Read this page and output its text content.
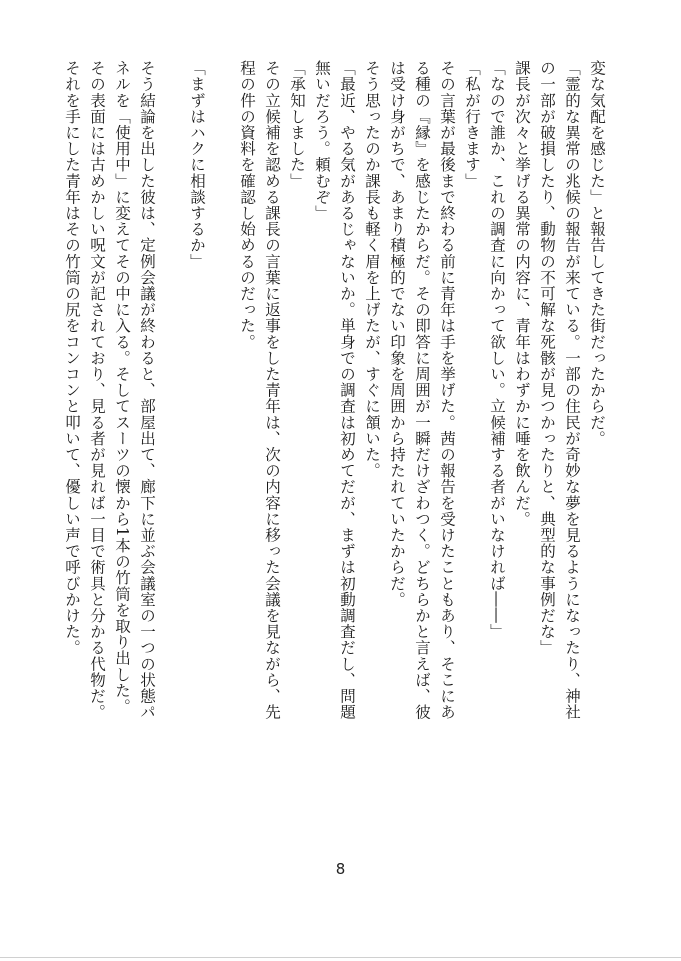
変な気配を感じた」と報告してきた街だったからだ。
「霊的な異常の兆候の報告が来ている。一部の住民が奇妙な夢を見るようになったり、神社
の一部が破損したり、動物の不可解な死骸が見つかったりと、典型的な事例だな」
課長が次々と挙げる異常の内容に、青年はわずかに唾を飲んだ。
「なので誰か、これの調査に向かって欲しい。立候補する者がいなければ――」
「私が行きます」
その言葉が最後まで終わる前に青年は手を挙げた。茜の報告を受けたこともあり、そこにあ
る種の『縁』を感じたからだ。その即答に周囲が一瞬だけざわつく。どちらかと言えば、彼
は受け身がちで、あまり積極的でない印象を周囲から持たれていたからだ。
そう思ったのか課長も軽く眉を上げたが、すぐに頷いた。
「最近、やる気があるじゃないか。単身での調査は初めてだが、まずは初動調査だし、問題
無いだろう。頼むぞ」
「承知しました」
その立候補を認める課長の言葉に返事をした青年は、次の内容に移った会議を見ながら、先
程の件の資料を確認し始めるのだった。
「まずはハクに相談するか」
そう結論を出した彼は、定例会議が終わると、部屋出て、廊下に並ぶ会議室の一つの状態パ
ネルを「使用中」に変えてその中に入る。そしてスーツの懐から1本の竹筒を取り出した。
その表面には古めかしい呪文が記されており、見る者が見れば一目で術具と分かる代物だ。
それを手にした青年はその竹筒の尻をコンコンと叩いて、優しい声で呼びかけた。
8
